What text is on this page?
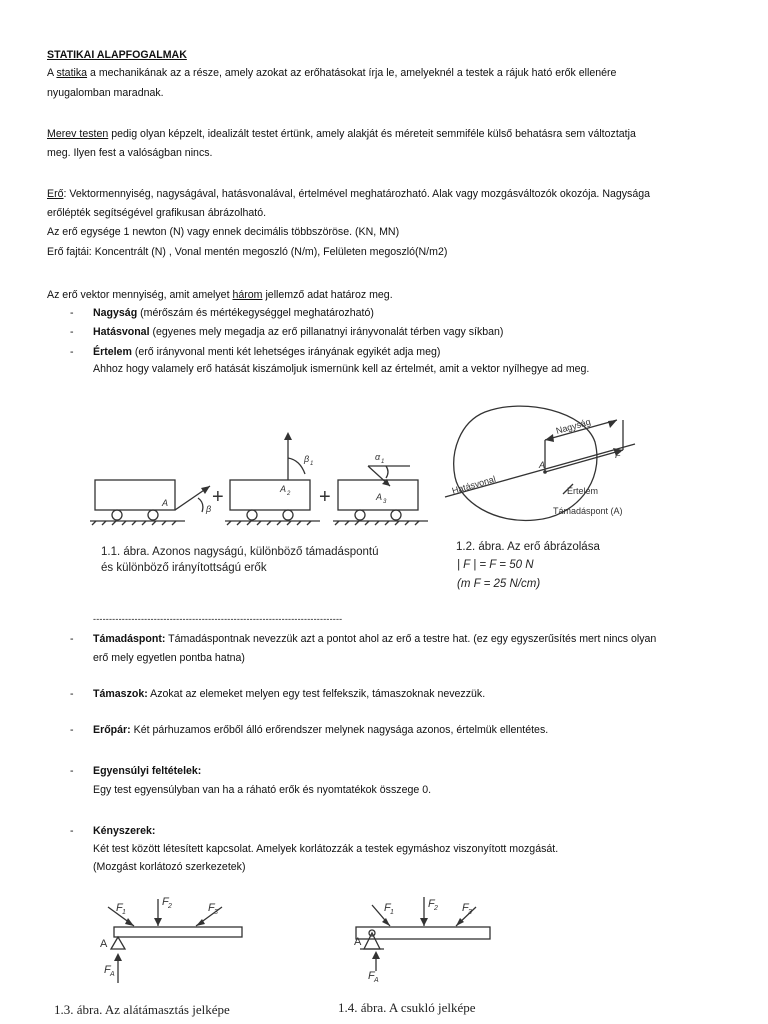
STATIKAI ALAPFOGALMAK
A statika a mechanikának az a része, amely azokat az erőhatásokat írja le, amelyeknél a testek a rájuk ható erők ellenére
nyugalomban maradnak.
Merev testen pedig olyan képzelt, idealizált testet értünk, amely alakját és méreteit semmiféle külső behatásra sem változtatja
meg. Ilyen fest a valóságban nincs.
Erő: Vektormennyiség, nagyságával, hatásvonalával, értelmével meghatározható. Alak vagy mozgásváltozók okozója. Nagysága
erőlépték segítségével grafikusan ábrázolható.
Az erő egysége 1 newton (N) vagy ennek decimális többszöröse. (KN, MN)
Erő fajtái: Koncentrált (N) , Vonal mentén megoszló (N/m), Felületen megoszló(N/m2)
Az erő vektor mennyiség, amit amelyet három jellemző adat határoz meg.
- Nagyság (mérőszám és mértékegységgel meghatározható)
- Hatásvonal (egyenes mely megadja az erő pillanatnyi irányvonalát térben vagy síkban)
- Értelem (erő irányvonal menti két lehetséges irányának egyikét adja meg)
Ahhoz hogy valamely erő hatását kiszámoljuk ismernünk kell az értelmét, amit a vektor nyílhegye ad meg.
+	+
A
β
A 2
β 1
α 1
A 3
1.1. ábra. Azonos nagyságú, különböző támadáspontú
és különböző irányítottságú erők
Nagyság
Hatásvonal	Értelem
Támadáspont (A)
F
A
1.2. ábra. Az erő ábrázolása
| F | = F = 50 N
(m F = 25 N/cm)
------------------------------------------------------------------------------
- Támadáspont: Támadáspontnak nevezzük azt a pontot ahol az erő a testre hat. (ez egy egyszerűsítés mert nincs olyan
erő mely egyetlen pontba hatna)
- Támaszok: Azokat az elemeket melyen egy test felfekszik, támaszoknak nevezzük.
- Erőpár: Két párhuzamos erőből álló erőrendszer melynek nagysága azonos, értelmük ellentétes.
- Egyensúlyi feltételek:
Egy test egyensúlyban van ha a ráható erők és nyomtatékok összege 0.
- Kényszerek:
Két test között létesített kapcsolat. Amelyek korlátozzák a testek egymáshoz viszonyított mozgását.
(Mozgást korlátozó szerkezetek)
F 1
F 2	F 3
A
F A
1.3. ábra. Az alátámasztás jelképe
F 1
F 2 F 3
A
F A
1.4. ábra. A csukló jelképe
